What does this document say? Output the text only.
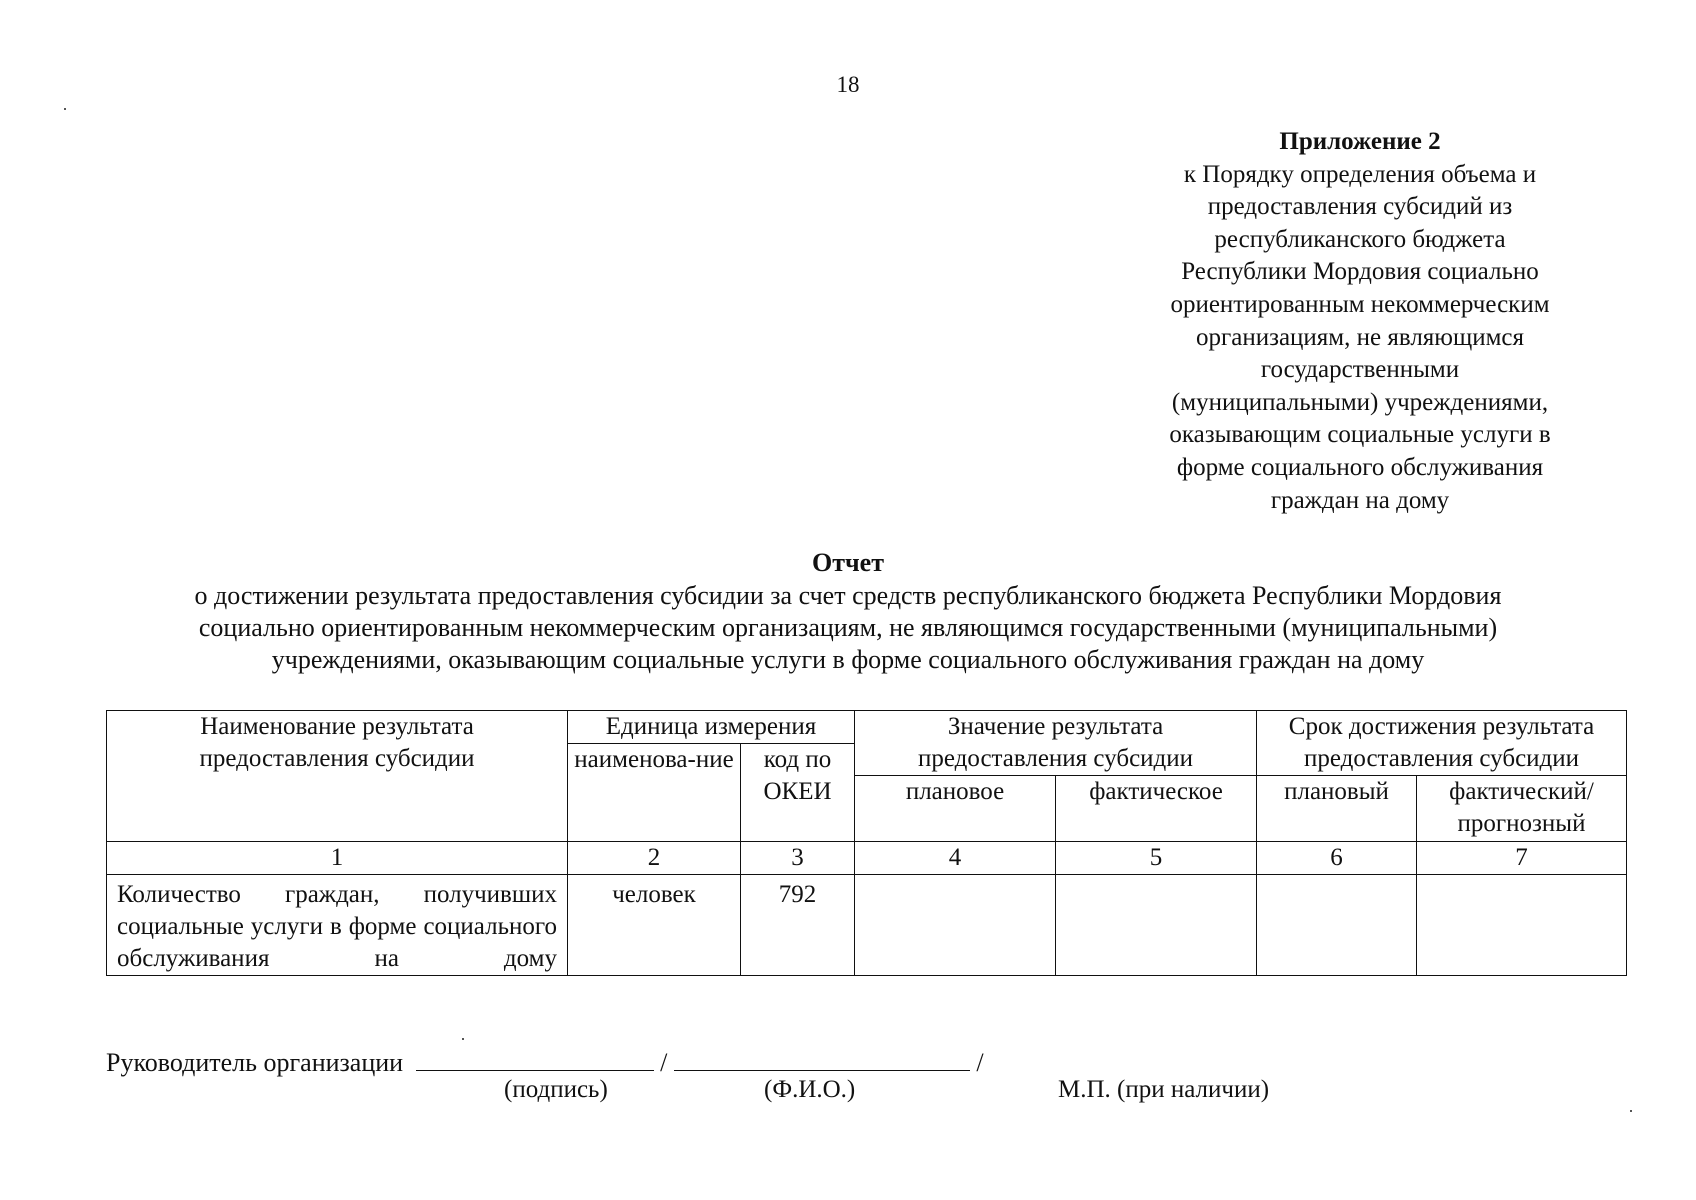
18
Приложение 2
к Порядку определения объема и
предоставления субсидий из
республиканского бюджета
Республики Мордовия социально
ориентированным некоммерческим
организациям, не являющимся
государственными
(муниципальными) учреждениями,
оказывающим социальные услуги в
форме социального обслуживания
граждан на дому
Отчет
о достижении результата предоставления субсидии за счет средств республиканского бюджета Республики Мордовия
социально ориентированным некоммерческим организациям, не являющимся государственными (муниципальными)
учреждениями, оказывающим социальные услуги в форме социального обслуживания граждан на дому
Наименование результата предоставления субсидии	Единица измерения		Значение результата предоставления субсидии		Срок достижения результата предоставления субсидии	
	наименова-ние	код по ОКЕИ				
			плановое	фактическое	плановый	фактический/ прогнозный
1	2	3	4	5	6	7
Количество граждан, получивших социальные услуги в форме социального обслуживания на дому	человек	792				
Руководитель организации	/	/
(подпись)	(Ф.И.О.)	М.П. (при наличии)
